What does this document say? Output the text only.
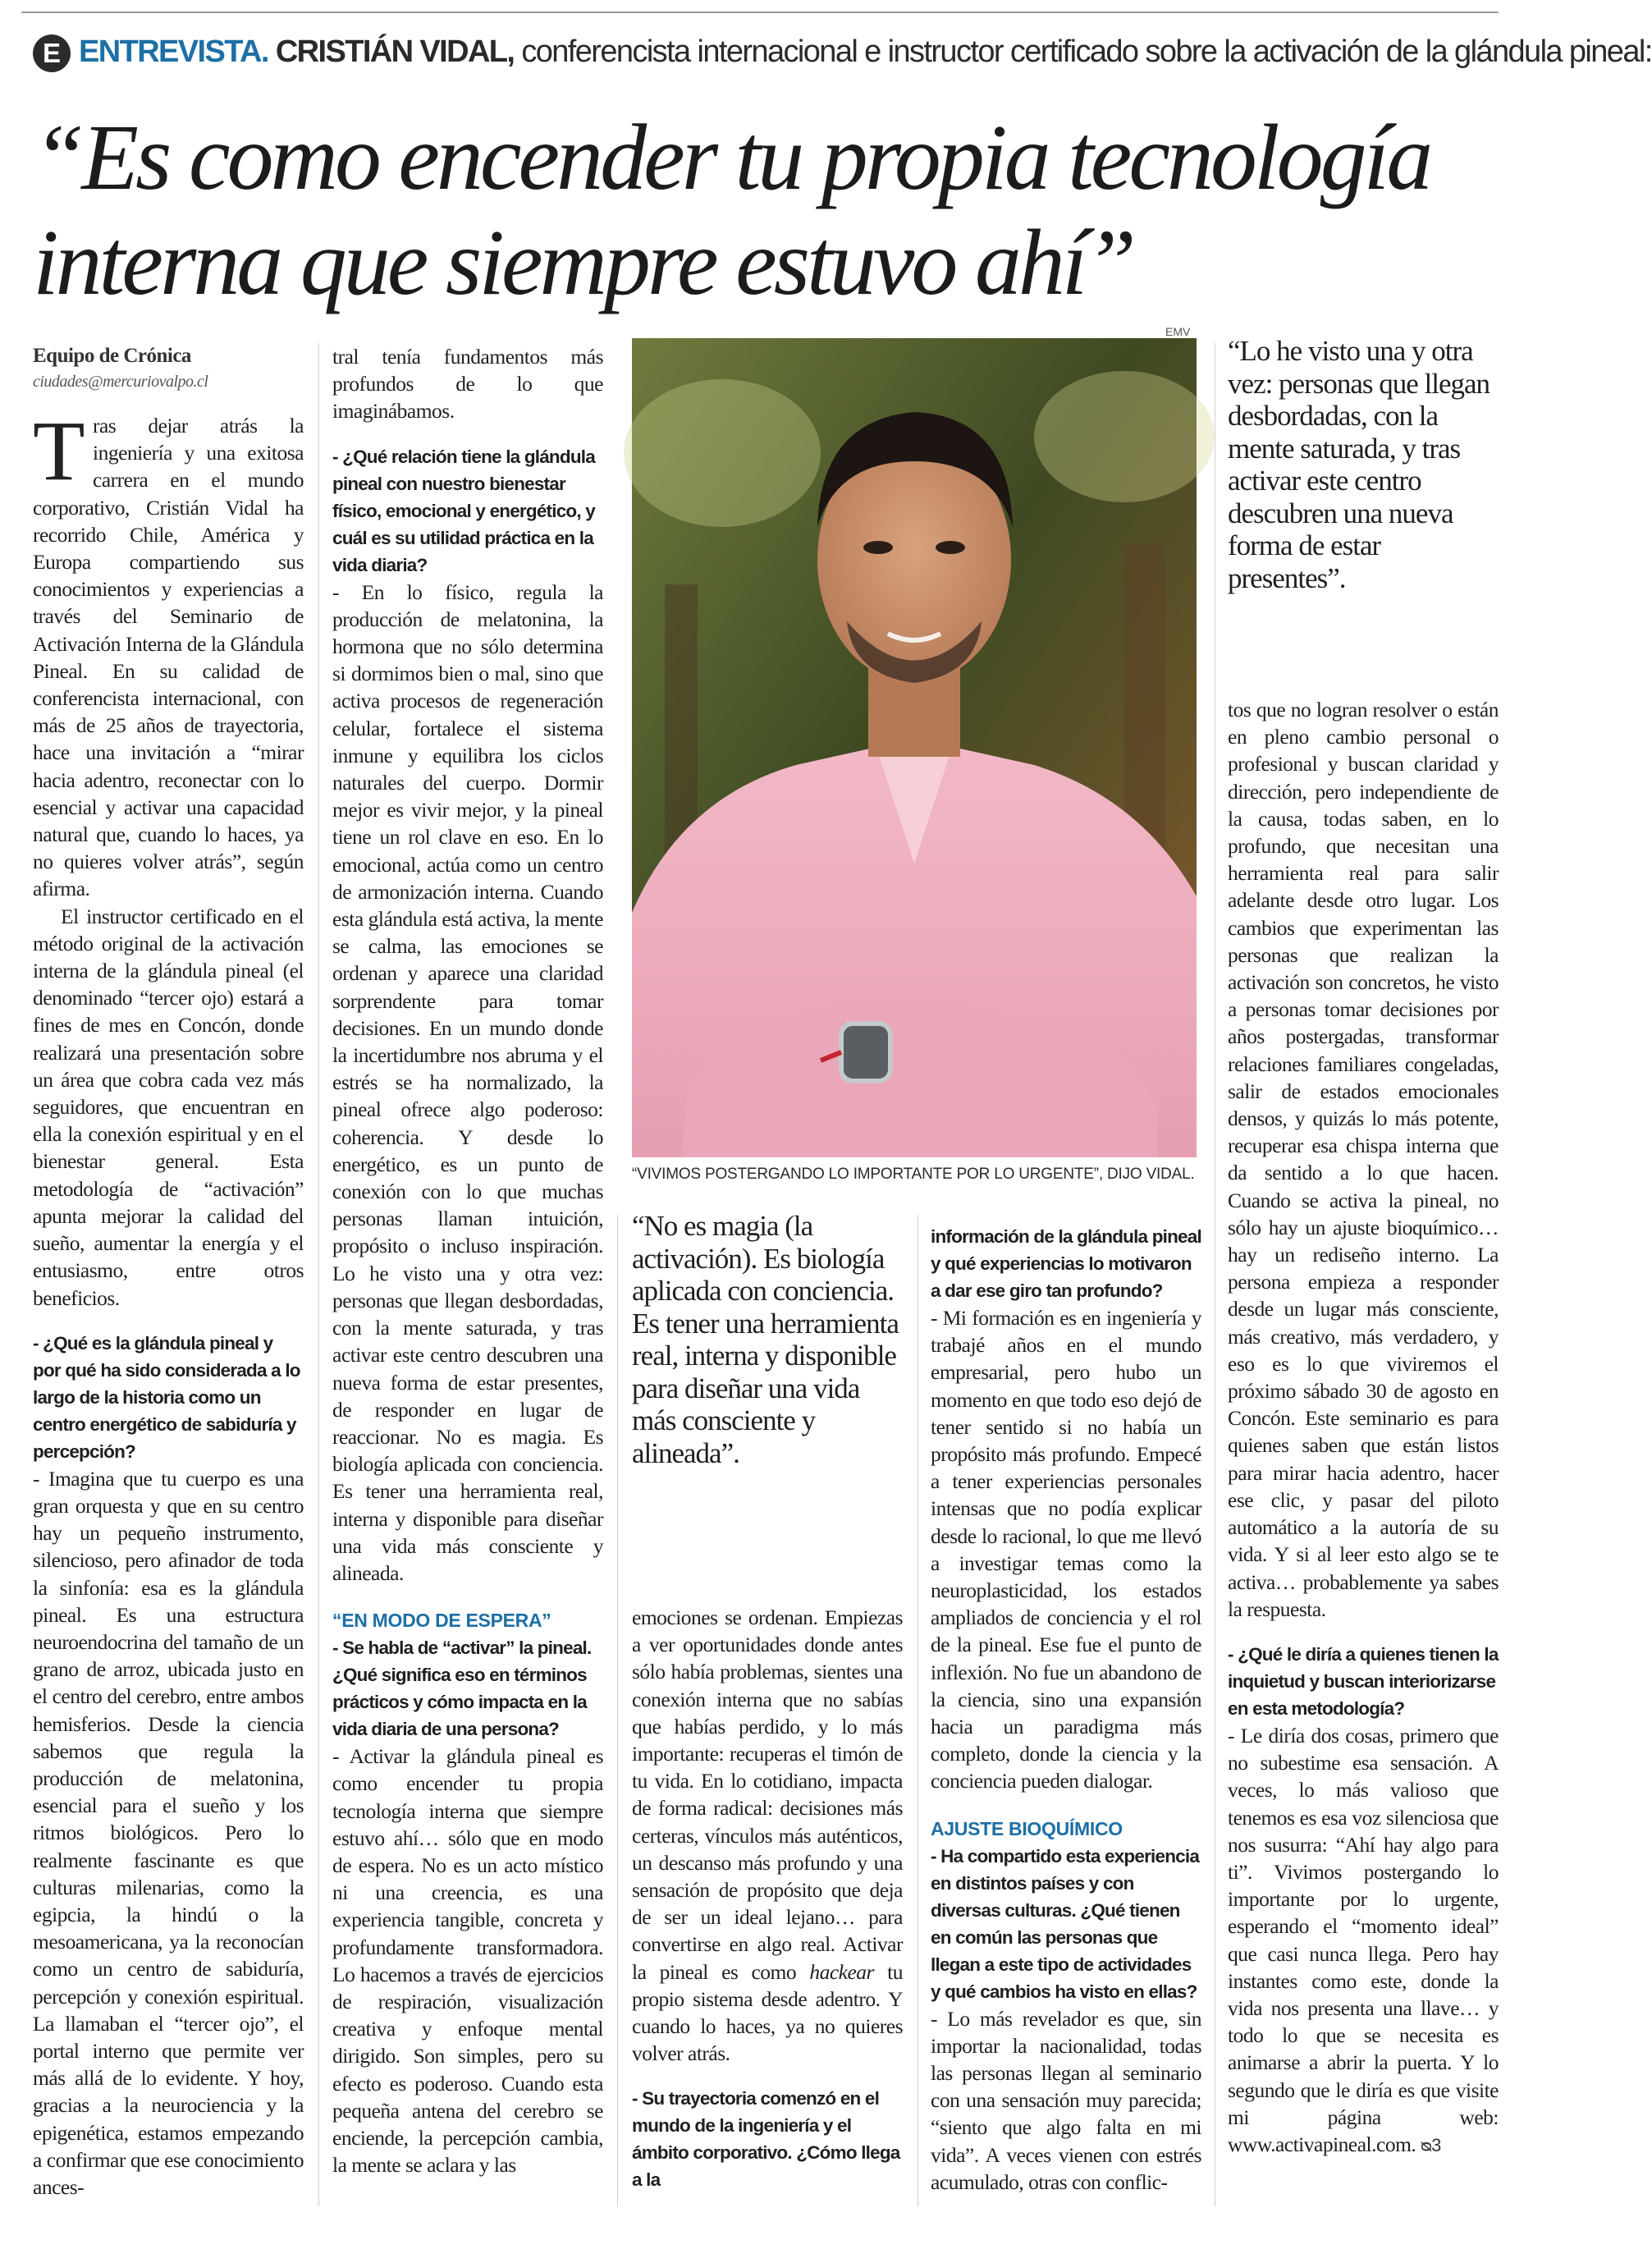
E ENTREVISTA. CRISTIÁN VIDAL, conferencista internacional e instructor certificado sobre la activación de la glándula pineal:
“Es como encender tu propia tecnología interna que siempre estuvo ahí”

Equipo de Crónica

ciudades@mercuriovalpo.cl

Tras dejar atrás la ingeniería y una exitosa carrera en el mundo corporativo, Cristián Vidal ha recorrido Chile, América y Europa compartiendo sus conocimientos y experiencias a través del Seminario de Activación Interna de la Glándula Pineal. En su calidad de conferencista internacional, con más de 25 años de trayectoria, hace una invitación a “mirar hacia adentro, reconectar con lo esencial y activar una capacidad natural que, cuando lo haces, ya no quieres volver atrás”, según afirma.

El instructor certificado en el método original de la activación interna de la glándula pineal (el denominado “tercer ojo) estará a fines de mes en Concón, donde realizará una presentación sobre un área que cobra cada vez más seguidores, que encuentran en ella la conexión espiritual y en el bienestar general. Esta metodología de “activación” apunta mejorar la calidad del sueño, aumentar la energía y el entusiasmo, entre otros beneficios.

- ¿Qué es la glándula pineal y por qué ha sido considerada a lo largo de la historia como un centro energético de sabiduría y percepción?

- Imagina que tu cuerpo es una gran orquesta y que en su centro hay un pequeño instrumento, silencioso, pero afinador de toda la sinfonía: esa es la glándula pineal. Es una estructura neuroendocrina del tamaño de un grano de arroz, ubicada justo en el centro del cerebro, entre ambos hemisferios. Desde la ciencia sabemos que regula la producción de melatonina, esencial para el sueño y los ritmos biológicos. Pero lo realmente fascinante es que culturas milenarias, como la egipcia, la hindú o la mesoamericana, ya la reconocían como un centro de sabiduría, percepción y conexión espiritual. La llamaban el “tercer ojo”, el portal interno que permite ver más allá de lo evidente. Y hoy, gracias a la neurociencia y la epigenética, estamos empezando a confirmar que ese conocimiento ances-

tral tenía fundamentos más profundos de lo que imaginábamos.

- ¿Qué relación tiene la glándula pineal con nuestro bienestar físico, emocional y energético, y cuál es su utilidad práctica en la vida diaria?

- En lo físico, regula la producción de melatonina, la hormona que no sólo determina si dormimos bien o mal, sino que activa procesos de regeneración celular, fortalece el sistema inmune y equilibra los ciclos naturales del cuerpo. Dormir mejor es vivir mejor, y la pineal tiene un rol clave en eso. En lo emocional, actúa como un centro de armonización interna. Cuando esta glándula está activa, la mente se calma, las emociones se ordenan y aparece una claridad sorprendente para tomar decisiones. En un mundo donde la incertidumbre nos abruma y el estrés se ha normalizado, la pineal ofrece algo poderoso: coherencia. Y desde lo energético, es un punto de conexión con lo que muchas personas llaman intuición, propósito o incluso inspiración. Lo he visto una y otra vez: personas que llegan desbordadas, con la mente saturada, y tras activar este centro descubren una nueva forma de estar presentes, de responder en lugar de reaccionar. No es magia. Es biología aplicada con conciencia. Es tener una herramienta real, interna y disponible para diseñar una vida más consciente y alineada.

“EN MODO DE ESPERA”

- Se habla de “activar” la pineal. ¿Qué significa eso en términos prácticos y cómo impacta en la vida diaria de una persona?

- Activar la glándula pineal es como encender tu propia tecnología interna que siempre estuvo ahí… sólo que en modo de espera. No es un acto místico ni una creencia, es una experiencia tangible, concreta y profundamente transformadora. Lo hacemos a través de ejercicios de respiración, visualización creativa y enfoque mental dirigido. Son simples, pero su efecto es poderoso. Cuando esta pequeña antena del cerebro se enciende, la percepción cambia, la mente se aclara y las

EMV
“VIVIMOS POSTERGANDO LO IMPORTANTE POR LO URGENTE”, DIJO VIDAL.
“No es magia (la activación). Es biología aplicada con conciencia. Es tener una herramienta real, interna y disponible para diseñar una vida más consciente y alineada”.

emociones se ordenan. Empiezas a ver oportunidades donde antes sólo había problemas, sientes una conexión interna que no sabías que habías perdido, y lo más importante: recuperas el timón de tu vida. En lo cotidiano, impacta de forma radical: decisiones más certeras, vínculos más auténticos, un descanso más profundo y una sensación de propósito que deja de ser un ideal lejano… para convertirse en algo real. Activar la pineal es como hackear tu propio sistema desde adentro. Y cuando lo haces, ya no quieres volver atrás.

- Su trayectoria comenzó en el mundo de la ingeniería y el ámbito corporativo. ¿Cómo llega a la

información de la glándula pineal y qué experiencias lo motivaron a dar ese giro tan profundo?

- Mi formación es en ingeniería y trabajé años en el mundo empresarial, pero hubo un momento en que todo eso dejó de tener sentido si no había un propósito más profundo. Empecé a tener experiencias personales intensas que no podía explicar desde lo racional, lo que me llevó a investigar temas como la neuroplasticidad, los estados ampliados de conciencia y el rol de la pineal. Ese fue el punto de inflexión. No fue un abandono de la ciencia, sino una expansión hacia un paradigma más completo, donde la ciencia y la conciencia pueden dialogar.

AJUSTE BIOQUÍMICO

- Ha compartido esta experiencia en distintos países y con diversas culturas. ¿Qué tienen en común las personas que llegan a este tipo de actividades y qué cambios ha visto en ellas?

- Lo más revelador es que, sin importar la nacionalidad, todas las personas llegan al seminario con una sensación muy parecida; “siento que algo falta en mi vida”. A veces vienen con estrés acumulado, otras con conflic-

“Lo he visto una y otra vez: personas que llegan desbordadas, con la mente saturada, y tras activar este centro descubren una nueva forma de estar presentes”.

tos que no logran resolver o están en pleno cambio personal o profesional y buscan claridad y dirección, pero independiente de la causa, todas saben, en lo profundo, que necesitan una herramienta real para salir adelante desde otro lugar. Los cambios que experimentan las personas que realizan la activación son concretos, he visto a personas tomar decisiones por años postergadas, transformar relaciones familiares congeladas, salir de estados emocionales densos, y quizás lo más potente, recuperar esa chispa interna que da sentido a lo que hacen. Cuando se activa la pineal, no sólo hay un ajuste bioquímico… hay un rediseño interno. La persona empieza a responder desde un lugar más consciente, más creativo, más verdadero, y eso es lo que viviremos el próximo sábado 30 de agosto en Concón. Este seminario es para quienes saben que están listos para mirar hacia adentro, hacer ese clic, y pasar del piloto automático a la autoría de su vida. Y si al leer esto algo se te activa… probablemente ya sabes la respuesta.

- ¿Qué le diría a quienes tienen la inquietud y buscan interiorizarse en esta metodología?

- Le diría dos cosas, primero que no subestime esa sensación. A veces, lo más valioso que tenemos es esa voz silenciosa que nos susurra: “Ahí hay algo para ti”. Vivimos postergando lo importante por lo urgente, esperando el “momento ideal” que casi nunca llega. Pero hay instantes como este, donde la vida nos presenta una llave… y todo lo que se necesita es animarse a abrir la puerta. Y lo segundo que le diría es que visite mi página web: www.activapineal.com. ᴓ3
